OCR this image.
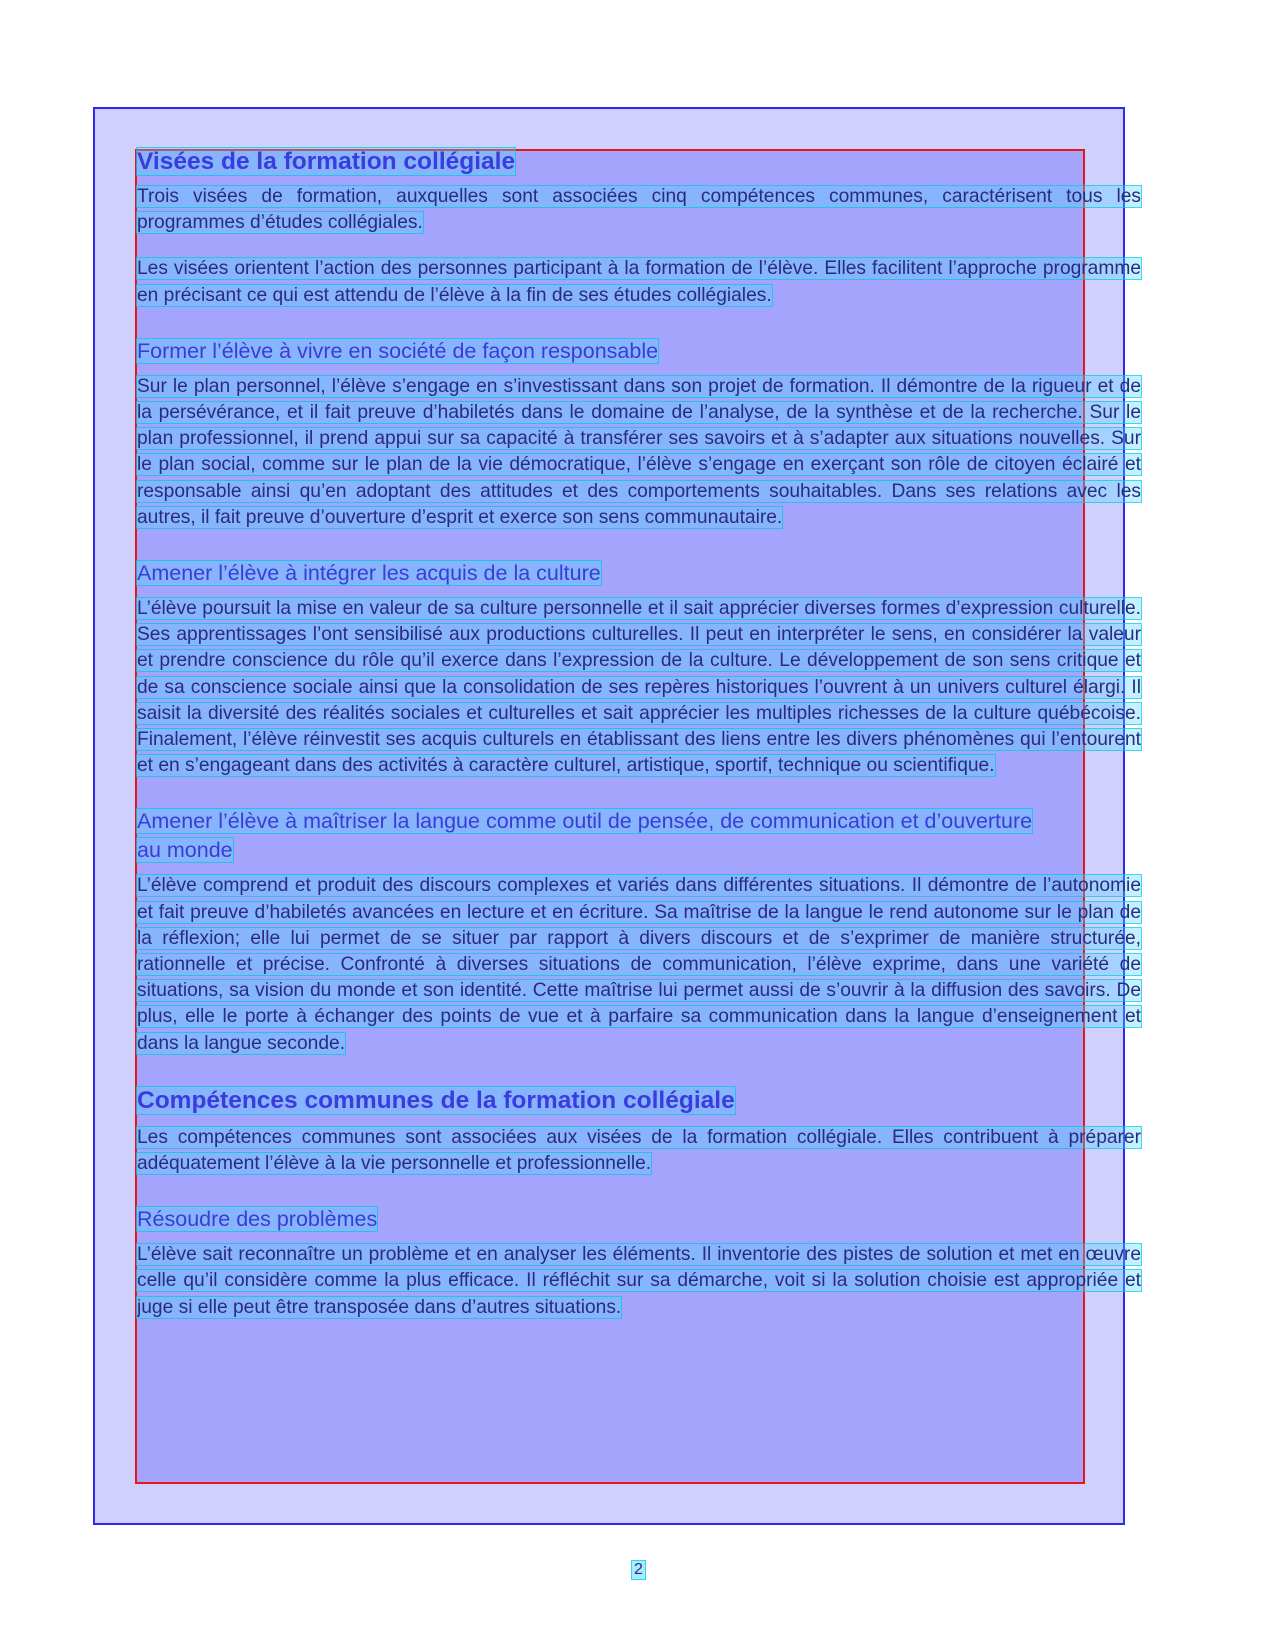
Visées de la formation collégiale

Trois visées de formation, auxquelles sont associées cinq compétences communes, caractérisent tous les programmes d’études collégiales.

Les visées orientent l’action des personnes participant à la formation de l’élève. Elles facilitent l’approche programme en précisant ce qui est attendu de l’élève à la fin de ses études collégiales.

Former l’élève à vivre en société de façon responsable

Sur le plan personnel, l’élève s’engage en s’investissant dans son projet de formation. Il démontre de la rigueur et de la persévérance, et il fait preuve d’habiletés dans le domaine de l’analyse, de la synthèse et de la recherche. Sur le plan professionnel, il prend appui sur sa capacité à transférer ses savoirs et à s’adapter aux situations nouvelles. Sur le plan social, comme sur le plan de la vie démocratique, l’élève s’engage en exerçant son rôle de citoyen éclairé et responsable ainsi qu’en adoptant des attitudes et des comportements souhaitables. Dans ses relations avec les autres, il fait preuve d’ouverture d’esprit et exerce son sens communautaire.

Amener l’élève à intégrer les acquis de la culture

L’élève poursuit la mise en valeur de sa culture personnelle et il sait apprécier diverses formes d’expression culturelle. Ses apprentissages l’ont sensibilisé aux productions culturelles. Il peut en interpréter le sens, en considérer la valeur et prendre conscience du rôle qu’il exerce dans l’expression de la culture. Le développement de son sens critique et de sa conscience sociale ainsi que la consolidation de ses repères historiques l’ouvrent à un univers culturel élargi. Il saisit la diversité des réalités sociales et culturelles et sait apprécier les multiples richesses de la culture québécoise. Finalement, l’élève réinvestit ses acquis culturels en établissant des liens entre les divers phénomènes qui l’entourent et en s’engageant dans des activités à caractère culturel, artistique, sportif, technique ou scientifique.

Amener l’élève à maîtriser la langue comme outil de pensée, de communication et d’ouverture au monde

L’élève comprend et produit des discours complexes et variés dans différentes situations. Il démontre de l’autonomie et fait preuve d’habiletés avancées en lecture et en écriture. Sa maîtrise de la langue le rend autonome sur le plan de la réflexion; elle lui permet de se situer par rapport à divers discours et de s’exprimer de manière structurée, rationnelle et précise. Confronté à diverses situations de communication, l’élève exprime, dans une variété de situations, sa vision du monde et son identité. Cette maîtrise lui permet aussi de s’ouvrir à la diffusion des savoirs. De plus, elle le porte à échanger des points de vue et à parfaire sa communication dans la langue d’enseignement et dans la langue seconde.

Compétences communes de la formation collégiale

Les compétences communes sont associées aux visées de la formation collégiale. Elles contribuent à préparer adéquatement l’élève à la vie personnelle et professionnelle.

Résoudre des problèmes

L’élève sait reconnaître un problème et en analyser les éléments. Il inventorie des pistes de solution et met en œuvre celle qu’il considère comme la plus efficace. Il réfléchit sur sa démarche, voit si la solution choisie est appropriée et juge si elle peut être transposée dans d’autres situations.

2
